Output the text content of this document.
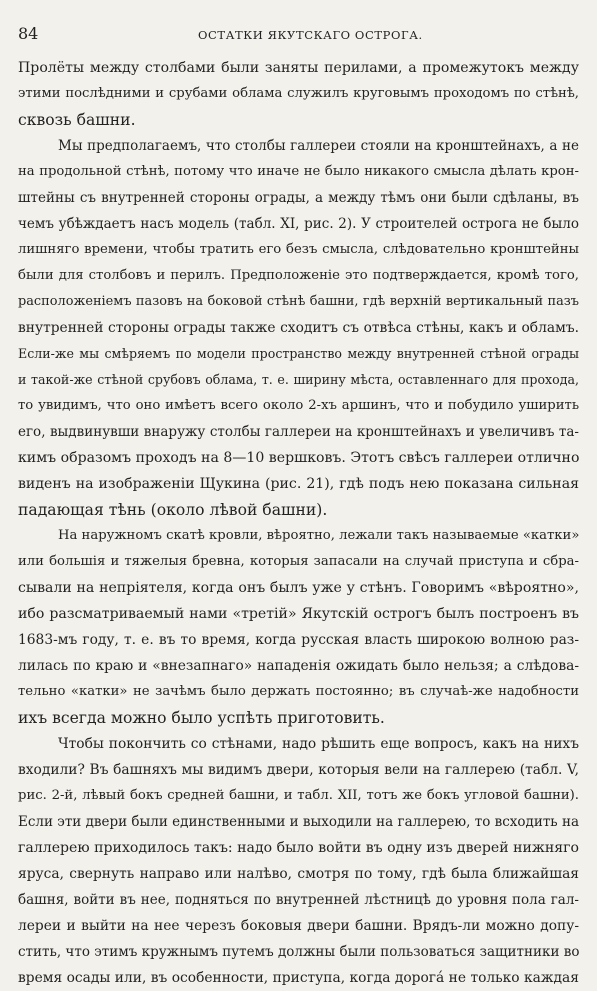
84	ОСТАТКИ ЯКУТСКАГО ОСТРОГА.
Пролёты между столбами были заняты перилами, а промежутокъ между
этими послѣдними и срубами облама служилъ круговымъ проходомъ по стѣнѣ,
сквозь башни.
Мы предполагаемъ, что столбы галлереи стояли на кронштейнахъ, а не
на продольной стѣнѣ, потому что иначе не было никакого смысла дѣлать крон-
штейны съ внутренней стороны ограды, а между тѣмъ они были сдѣланы, въ
чемъ убѣждаетъ насъ модель (табл. XI, рис. 2). У строителей острога не было
лишняго времени, чтобы тратить его безъ смысла, слѣдовательно кронштейны
были для столбовъ и перилъ. Предположеніе это подтверждается, кромѣ того,
расположеніемъ пазовъ на боковой стѣнѣ башни, гдѣ верхній вертикальный пазъ
внутренней стороны ограды также сходитъ съ отвѣса стѣны, какъ и обламъ.
Если-же мы смѣряемъ по модели пространство между внутренней стѣной ограды
и такой-же стѣной срубовъ облама, т. е. ширину мѣста, оставленнаго для прохода,
то увидимъ, что оно имѣетъ всего около 2-хъ аршинъ, что и побудило уширить
его, выдвинувши внаружу столбы галлереи на кронштейнахъ и увеличивъ та-
кимъ образомъ проходъ на 8—10 вершковъ. Этотъ свѣсъ галлереи отлично
виденъ на изображеніи Щукина (рис. 21), гдѣ подъ нею показана сильная
падающая тѣнь (около лѣвой башни).
На наружномъ скатѣ кровли, вѣроятно, лежали такъ называемые «катки»
или большія и тяжелыя бревна, которыя запасали на случай приступа и сбра-
сывали на непріятеля, когда онъ былъ уже у стѣнъ. Говоримъ «вѣроятно»,
ибо разсматриваемый нами «третій» Якутскій острогъ былъ построенъ въ
1683-мъ году, т. е. въ то время, когда русская власть широкою волною раз-
лилась по краю и «внезапнаго» нападенія ожидать было нельзя; а слѣдова-
тельно «катки» не зачѣмъ было держать постоянно; въ случаѣ-же надобности
ихъ всегда можно было успѣть приготовить.
Чтобы покончить со стѣнами, надо рѣшить еще вопросъ, какъ на нихъ
входили? Въ башняхъ мы видимъ двери, которыя вели на галлерею (табл. V,
рис. 2-й, лѣвый бокъ средней башни, и табл. XII, тотъ же бокъ угловой башни).
Если эти двери были единственными и выходили на галлерею, то всходить на
галлерею приходилось такъ: надо было войти въ одну изъ дверей нижняго
яруса, свернуть направо или налѣво, смотря по тому, гдѣ была ближайшая
башня, войти въ нее, подняться по внутренней лѣстницѣ до уровня пола гал-
лереи и выйти на нее черезъ боковыя двери башни. Врядъ-ли можно допу-
стить, что этимъ кружнымъ путемъ должны были пользоваться защитники во
время осады или, въ особенности, приступа, когда дорогá не только каждая
